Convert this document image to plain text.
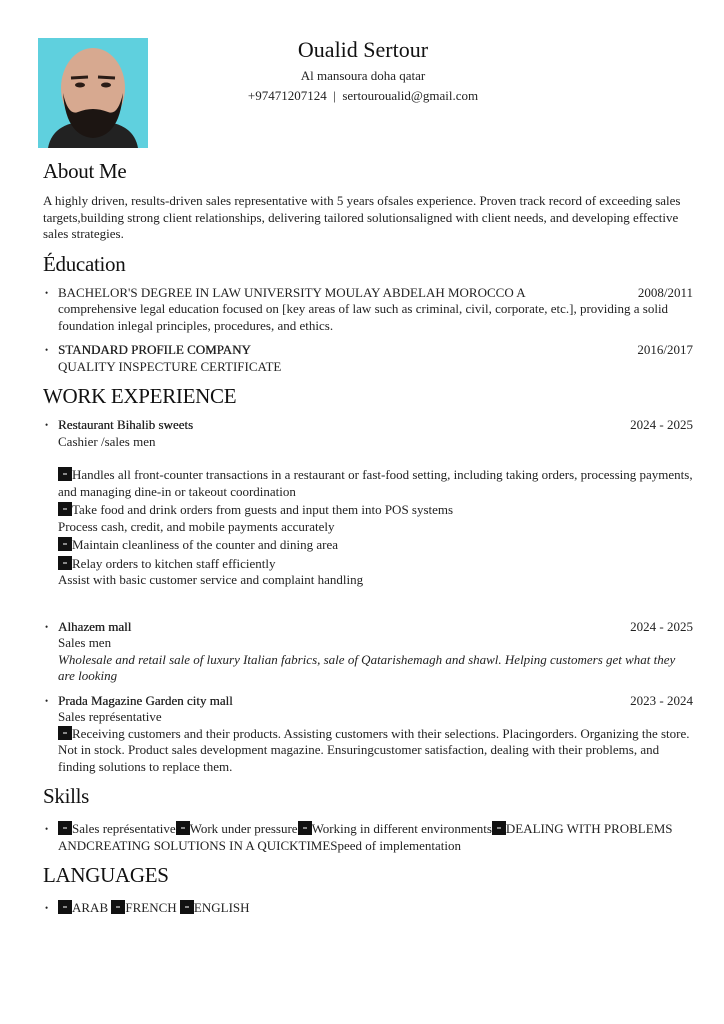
Oualid Sertour
Al mansoura doha qatar
+97471207124 | sertouroualid@gmail.com
About Me

A highly driven, results-driven sales representative with 5 years ofsales experience. Proven track record of exceeding sales targets,building strong client relationships, delivering tailored solutionsaligned with client needs, and developing effective sales strategies.

Éducation
• BACHELOR'S DEGREE IN LAW UNIVERSITY MOULAY ABDELAH MOROCCO A	2008/2011
comprehensive legal education focused on [key areas of law such as criminal, civil, corporate, etc.], providing a solid foundation inlegal principles, procedures, and ethics.
• STANDARD PROFILE COMPANY	2016/2017
QUALITY INSPECTURE CERTIFICATE
WORK EXPERIENCE
• Restaurant Bihalib sweets	2024 - 2025
Cashier /sales men
Handles all front-counter transactions in a restaurant or fast-food setting, including taking orders, processing payments, and managing dine-in or takeout coordination
Take food and drink orders from guests and input them into POS systems
Process cash, credit, and mobile payments accurately
Maintain cleanliness of the counter and dining area
Relay orders to kitchen staff efficiently
Assist with basic customer service and complaint handling
• Alhazem mall	2024 - 2025
Sales men
Wholesale and retail sale of luxury Italian fabrics, sale of Qatarishemagh and shawl. Helping customers get what they are looking
• Prada Magazine Garden city mall	2023 - 2024
Sales représentative
Receiving customers and their products. Assisting customers with their selections. Placingorders. Organizing the store. Not in stock. Product sales development magazine. Ensuringcustomer satisfaction, dealing with their problems, and finding solutions to replace them.
Skills
• Sales représentative Work under pressure Working in different environments DEALING WITH PROBLEMS ANDCREATING SOLUTIONS IN A QUICKTIMESpeed of implementation
LANGUAGES
• ARAB FRENCH ENGLISH
